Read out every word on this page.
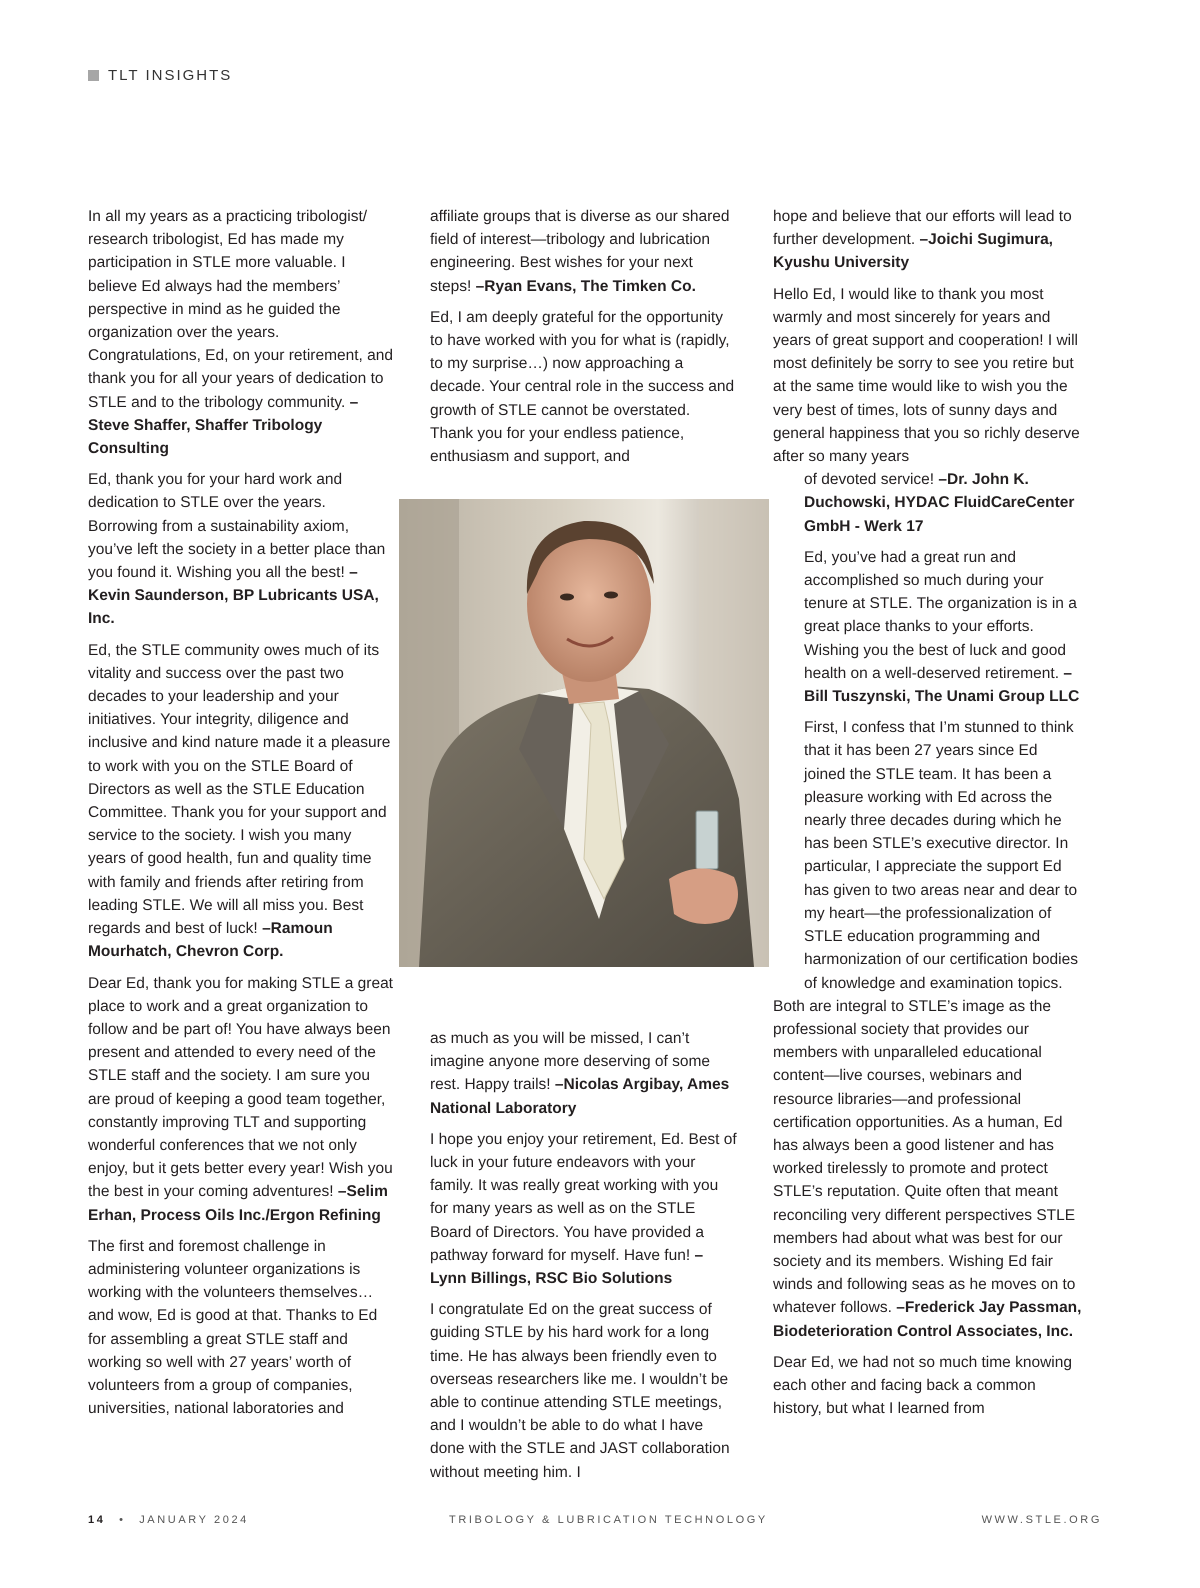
TLT INSIGHTS

In all my years as a practicing tribologist/ research tribologist, Ed has made my participation in STLE more valuable. I believe Ed always had the members’ perspective in mind as he guided the organization over the years. Congratulations, Ed, on your retirement, and thank you for all your years of dedication to STLE and to the tribology community. –Steve Shaffer, Shaffer Tribology Consulting

Ed, thank you for your hard work and dedication to STLE over the years. Borrowing from a sustainability axiom, you’ve left the society in a better place than you found it. Wishing you all the best! –Kevin Saunderson, BP Lubricants USA, Inc.

Ed, the STLE community owes much of its vitality and success over the past two decades to your leadership and your initiatives. Your integrity, diligence and inclusive and kind nature made it a pleasure to work with you on the STLE Board of Directors as well as the STLE Education Committee. Thank you for your support and service to the society. I wish you many years of good health, fun and quality time with family and friends after retiring from leading STLE. We will all miss you. Best regards and best of luck! –Ramoun Mourhatch, Chevron Corp.

Dear Ed, thank you for making STLE a great place to work and a great organization to follow and be part of! You have always been present and attended to every need of the STLE staff and the society. I am sure you are proud of keeping a good team together, constantly improving TLT and supporting wonderful conferences that we not only enjoy, but it gets better every year! Wish you the best in your coming adventures! –Selim Erhan, Process Oils Inc./Ergon Refining

The first and foremost challenge in administering volunteer organizations is working with the volunteers themselves… and wow, Ed is good at that. Thanks to Ed for assembling a great STLE staff and working so well with 27 years’ worth of volunteers from a group of companies, universities, national laboratories and

affiliate groups that is diverse as our shared field of interest—tribology and lubrication engineering. Best wishes for your next steps! –Ryan Evans, The Timken Co.

Ed, I am deeply grateful for the opportunity to have worked with you for what is (rapidly, to my surprise…) now approaching a decade. Your central role in the success and growth of STLE cannot be overstated. Thank you for your endless patience, enthusiasm and support, and

as much as you will be missed, I can’t imagine anyone more deserving of some rest. Happy trails! –Nicolas Argibay, Ames National Laboratory

I hope you enjoy your retirement, Ed. Best of luck in your future endeavors with your family. It was really great working with you for many years as well as on the STLE Board of Directors. You have provided a pathway forward for myself. Have fun! –Lynn Billings, RSC Bio Solutions

I congratulate Ed on the great success of guiding STLE by his hard work for a long time. He has always been friendly even to overseas researchers like me. I wouldn’t be able to continue attending STLE meetings, and I wouldn’t be able to do what I have done with the STLE and JAST collaboration without meeting him. I

hope and believe that our efforts will lead to further development. –Joichi Sugimura, Kyushu University

Hello Ed, I would like to thank you most warmly and most sincerely for years and years of great support and cooperation! I will most definitely be sorry to see you retire but at the same time would like to wish you the very best of times, lots of sunny days and general happiness that you so richly deserve after so many years

of devoted service! –Dr. John K. Duchowski, HYDAC FluidCareCenter GmbH - Werk 17

Ed, you’ve had a great run and accomplished so much during your tenure at STLE. The organization is in a great place thanks to your efforts. Wishing you the best of luck and good health on a well-deserved retirement. –Bill Tuszynski, The Unami Group LLC

First, I confess that I’m stunned to think that it has been 27 years since Ed joined the STLE team. It has been a pleasure working with Ed across the nearly three decades during which he has been STLE’s executive director. In particular, I appreciate the support Ed has given to two areas near and dear to my heart—the professionalization of STLE education programming and harmonization of our certification bodies of knowledge and examination topics.

Both are integral to STLE’s image as the professional society that provides our members with unparalleled educational content—live courses, webinars and resource libraries—and professional certification opportunities. As a human, Ed has always been a good listener and has worked tirelessly to promote and protect STLE’s reputation. Quite often that meant reconciling very different perspectives STLE members had about what was best for our society and its members. Wishing Ed fair winds and following seas as he moves on to whatever follows. –Frederick Jay Passman, Biodeterioration Control Associates, Inc.

Dear Ed, we had not so much time knowing each other and facing back a common history, but what I learned from

14 • JANUARY 2024	TRIBOLOGY & LUBRICATION TECHNOLOGY	WWW.STLE.ORG
